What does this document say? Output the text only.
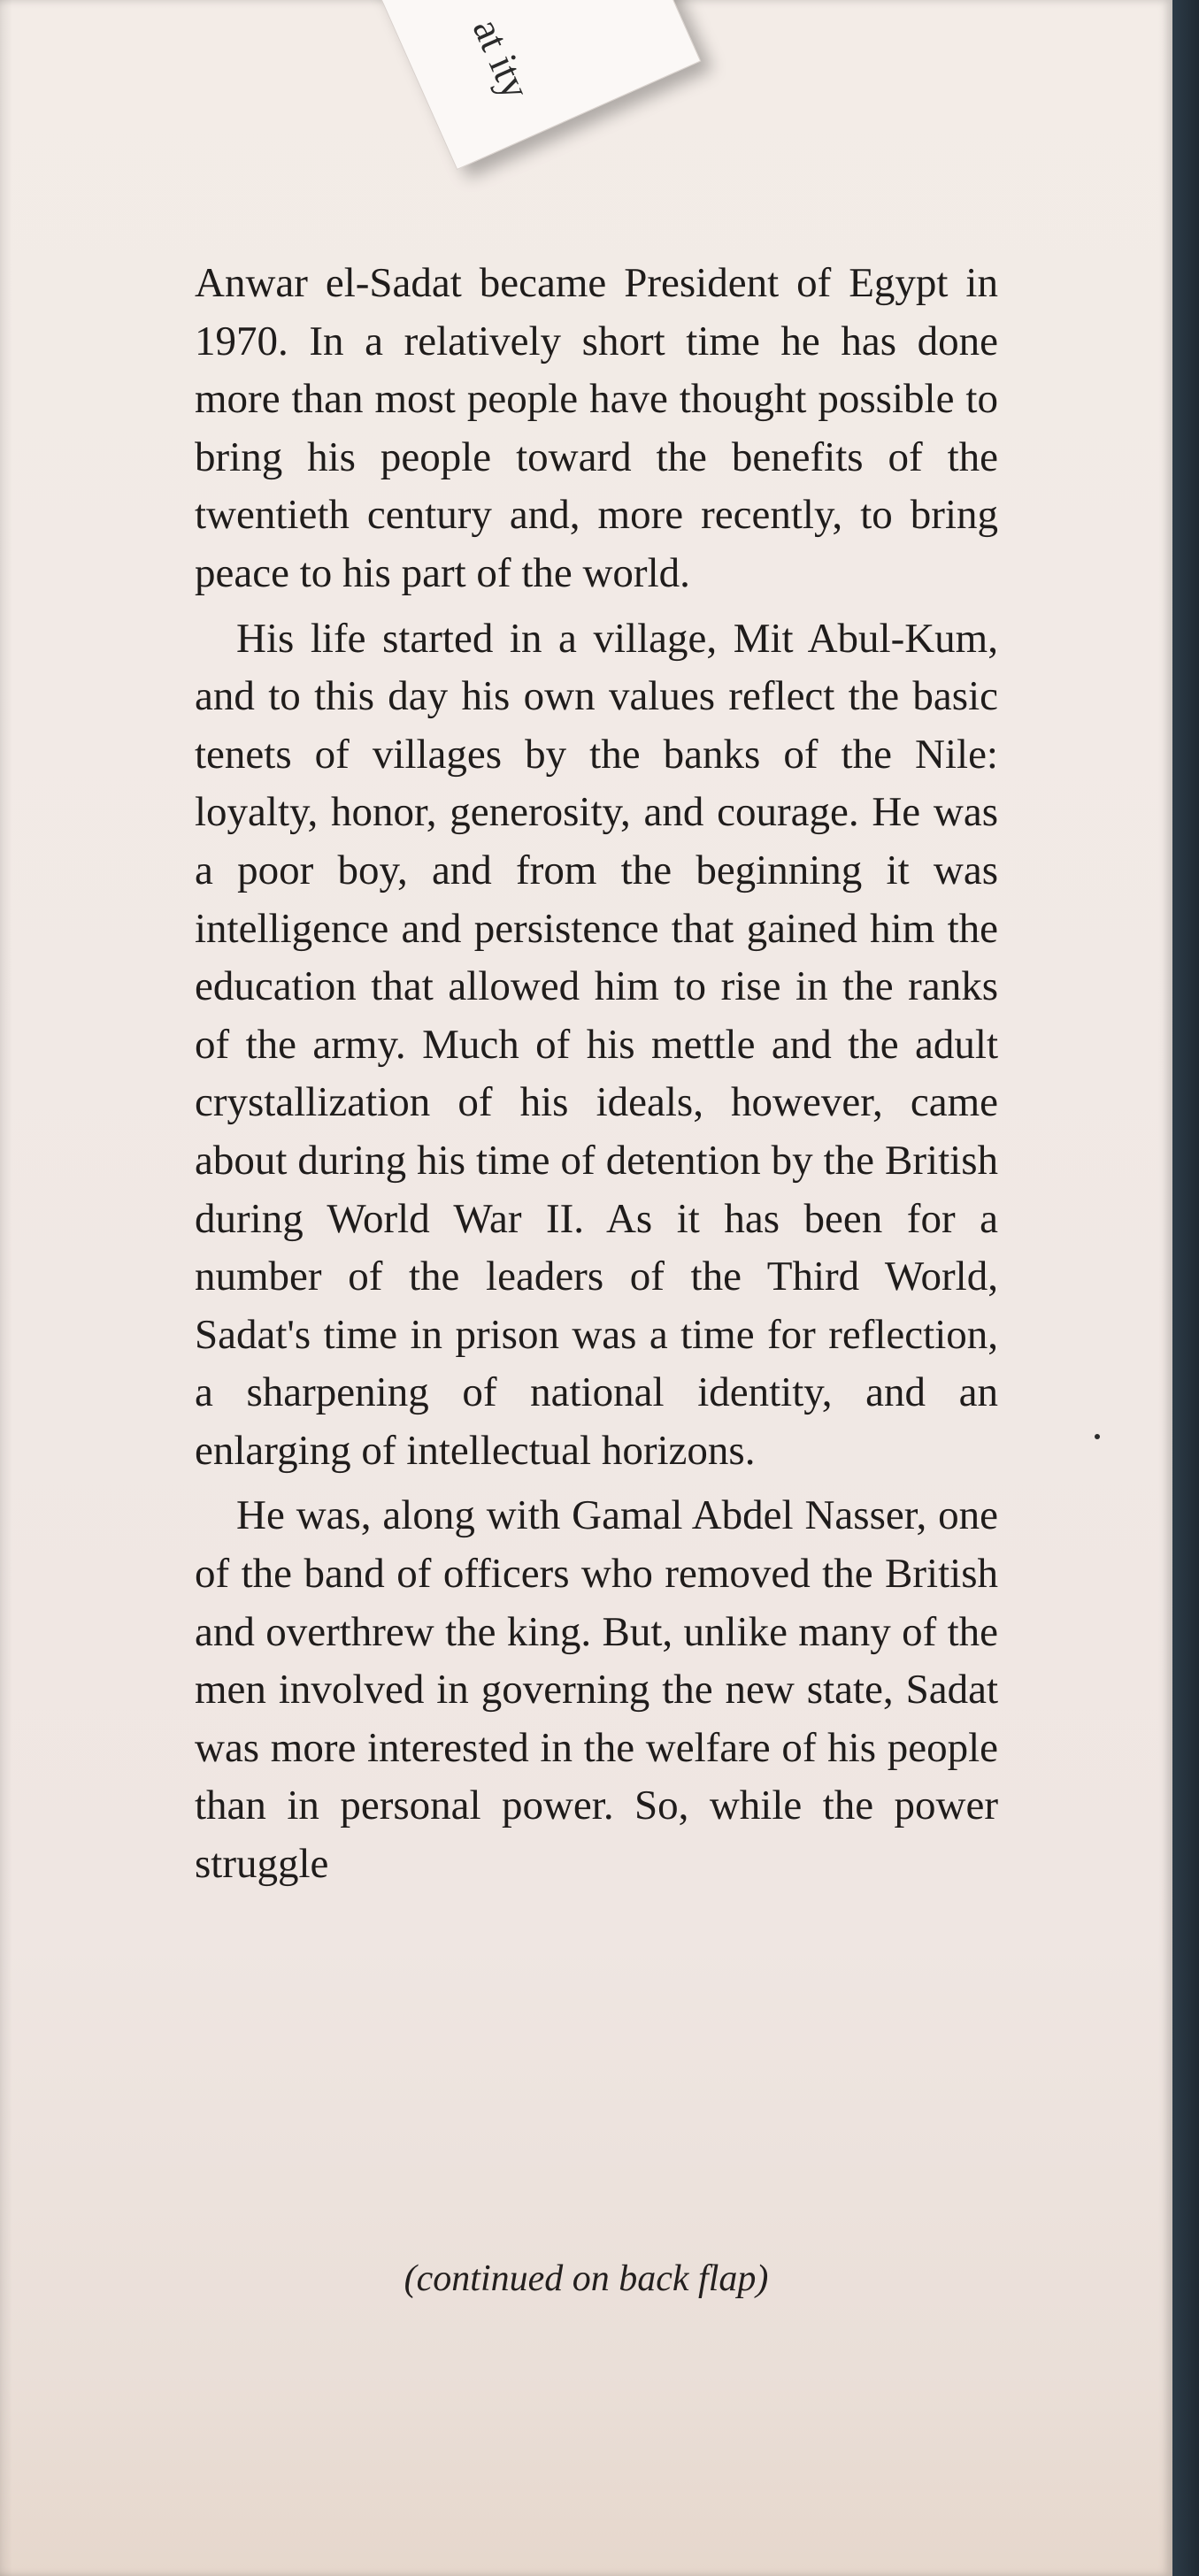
at ity

Anwar el-Sadat became President of Egypt in 1970. In a relatively short time he has done more than most people have thought possible to bring his people toward the benefits of the twentieth century and, more recently, to bring peace to his part of the world.

His life started in a village, Mit Abul-Kum, and to this day his own values reflect the basic tenets of villages by the banks of the Nile: loyalty, honor, generosity, and courage. He was a poor boy, and from the beginning it was intelligence and persistence that gained him the education that allowed him to rise in the ranks of the army. Much of his mettle and the adult crystallization of his ideals, however, came about during his time of detention by the British during World War II. As it has been for a number of the leaders of the Third World, Sadat's time in prison was a time for reflection, a sharpening of national identity, and an enlarging of intellectual horizons.

He was, along with Gamal Abdel Nasser, one of the band of officers who removed the British and overthrew the king. But, unlike many of the men involved in governing the new state, Sadat was more interested in the welfare of his people than in personal power. So, while the power struggle

(continued on back flap)
